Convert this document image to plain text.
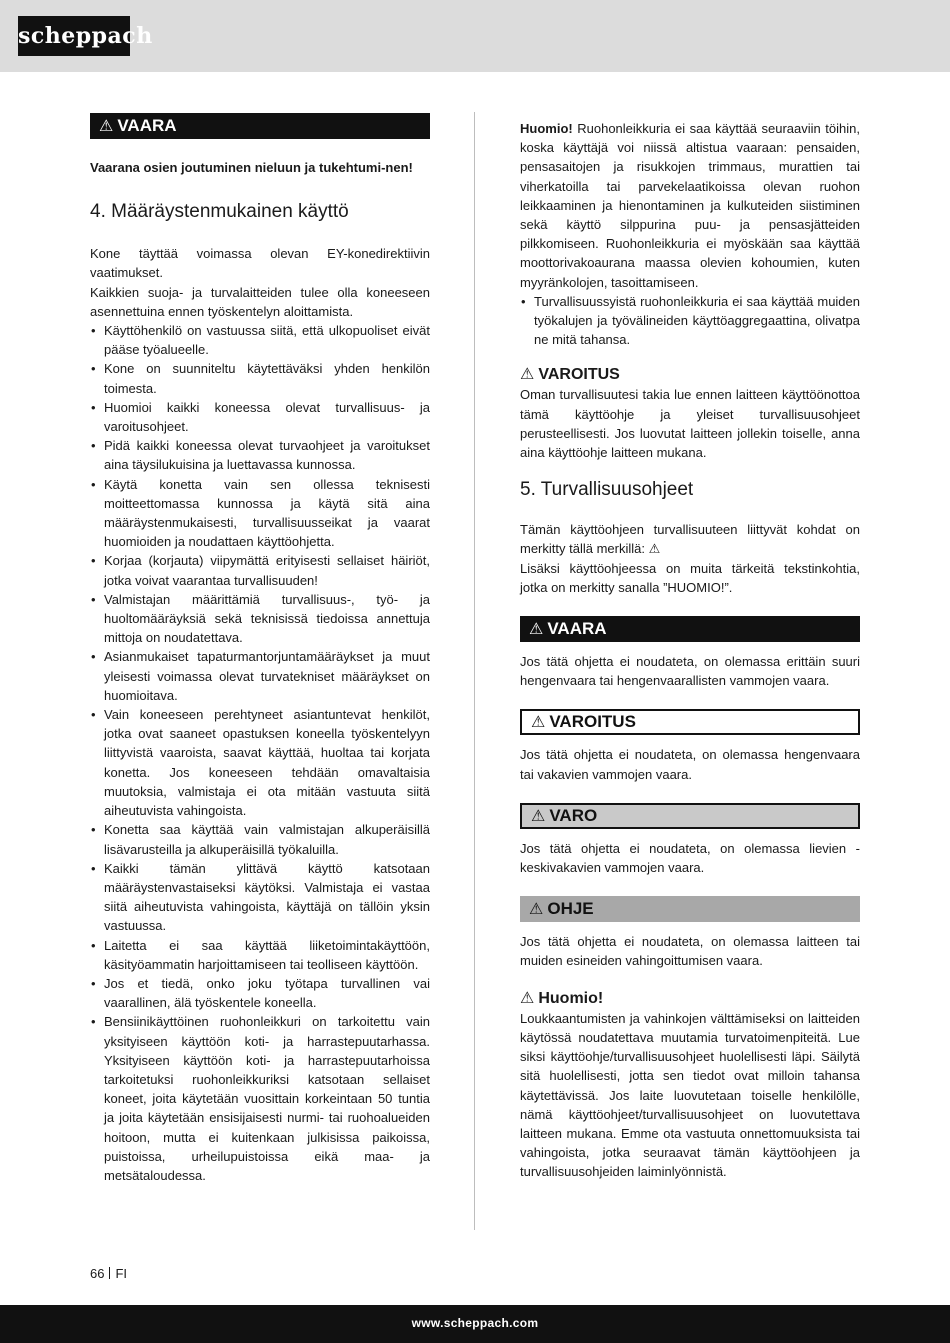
scheppach
⚠ VAARA

Vaarana osien joutuminen nieluun ja tukehtumi-nen!

4. Määräystenmukainen käyttö

Kone täyttää voimassa olevan EY-konedirektiivin vaatimukset.

Kaikkien suoja- ja turvalaitteiden tulee olla koneeseen asennettuina ennen työskentelyn aloittamista.

• Käyttöhenkilö on vastuussa siitä, että ulkopuoliset eivät pääse työalueelle.
• Kone on suunniteltu käytettäväksi yhden henkilön toimesta.
• Huomioi kaikki koneessa olevat turvallisuus- ja varoitusohjeet.
• Pidä kaikki koneessa olevat turvaohjeet ja varoitukset aina täysilukuisina ja luettavassa kunnossa.
• Käytä konetta vain sen ollessa teknisesti moitteettomassa kunnossa ja käytä sitä aina määräystenmukaisesti, turvallisuusseikat ja vaarat huomioiden ja noudattaen käyttöohjetta.
• Korjaa (korjauta) viipymättä erityisesti sellaiset häiriöt, jotka voivat vaarantaa turvallisuuden!
• Valmistajan määrittämiä turvallisuus-, työ- ja huoltomääräyksiä sekä teknisissä tiedoissa annettuja mittoja on noudatettava.
• Asianmukaiset tapaturmantorjuntamääräykset ja muut yleisesti voimassa olevat turvatekniset määräykset on huomioitava.
• Vain koneeseen perehtyneet asiantuntevat henkilöt, jotka ovat saaneet opastuksen koneella työskentelyyn liittyvistä vaaroista, saavat käyttää, huoltaa tai korjata konetta. Jos koneeseen tehdään omavaltaisia muutoksia, valmistaja ei ota mitään vastuuta siitä aiheutuvista vahingoista.
• Konetta saa käyttää vain valmistajan alkuperäisillä lisävarusteilla ja alkuperäisillä työkaluilla.
• Kaikki tämän ylittävä käyttö katsotaan määräystenvastaiseksi käytöksi. Valmistaja ei vastaa siitä aiheutuvista vahingoista, käyttäjä on tällöin yksin vastuussa.
• Laitetta ei saa käyttää liiketoimintakäyttöön, käsityöammatin harjoittamiseen tai teolliseen käyttöön.
• Jos et tiedä, onko joku työtapa turvallinen vai vaarallinen, älä työskentele koneella.
• Bensiinikäyttöinen ruohonleikkuri on tarkoitettu vain yksityiseen käyttöön koti- ja harrastepuutarhassa. Yksityiseen käyttöön koti- ja harrastepuutarhoissa tarkoitetuksi ruohonleikkuriksi katsotaan sellaiset koneet, joita käytetään vuosittain korkeintaan 50 tuntia ja joita käytetään ensisijaisesti nurmi- tai ruohoalueiden hoitoon, mutta ei kuitenkaan julkisissa paikoissa, puistoissa, urheilupuistoissa eikä maa- ja metsätaloudessa.

Huomio! Ruohonleikkuria ei saa käyttää seuraaviin töihin, koska käyttäjä voi niissä altistua vaaraan: pensaiden, pensasaitojen ja risukkojen trimmaus, murattien tai viherkatoilla tai parvekelaatikoissa olevan ruohon leikkaaminen ja hienontaminen ja kulkuteiden siistiminen sekä käyttö silppurina puu- ja pensasjätteiden pilkkomiseen. Ruohonleikkuria ei myöskään saa käyttää moottorivakoaurana maassa olevien kohoumien, kuten myyränkolojen, tasoittamiseen.

• Turvallisuussyistä ruohonleikkuria ei saa käyttää muiden työkalujen ja työvälineiden käyttöaggregaattina, olivatpa ne mitä tahansa.
⚠ VAROITUS

Oman turvallisuutesi takia lue ennen laitteen käyttöönottoa tämä käyttöohje ja yleiset turvallisuusohjeet perusteellisesti. Jos luovutat laitteen jollekin toiselle, anna aina käyttöohje laitteen mukana.

5. Turvallisuusohjeet

Tämän käyttöohjeen turvallisuuteen liittyvät kohdat on merkitty tällä merkillä: ⚠

Lisäksi käyttöohjeessa on muita tärkeitä tekstinkohtia, jotka on merkitty sanalla ”HUOMIO!”.

⚠ VAARA

Jos tätä ohjetta ei noudateta, on olemassa erittäin suuri hengenvaara tai hengenvaarallisten vammojen vaara.

⚠ VAROITUS

Jos tätä ohjetta ei noudateta, on olemassa hengenvaara tai vakavien vammojen vaara.

⚠ VARO

Jos tätä ohjetta ei noudateta, on olemassa lievien - keskivakavien vammojen vaara.

⚠ OHJE

Jos tätä ohjetta ei noudateta, on olemassa laitteen tai muiden esineiden vahingoittumisen vaara.

⚠ Huomio!

Loukkaantumisten ja vahinkojen välttämiseksi on laitteiden käytössä noudatettava muutamia turvatoimenpiteitä. Lue siksi käyttöohje/turvallisuusohjeet huolellisesti läpi. Säilytä sitä huolellisesti, jotta sen tiedot ovat milloin tahansa käytettävissä. Jos laite luovutetaan toiselle henkilölle, nämä käyttöohjeet/turvallisuusohjeet on luovutettava laitteen mukana. Emme ota vastuuta onnettomuuksista tai vahingoista, jotka seuraavat tämän käyttöohjeen ja turvallisuusohjeiden laiminlyönnistä.

66 FI
www.scheppach.com
